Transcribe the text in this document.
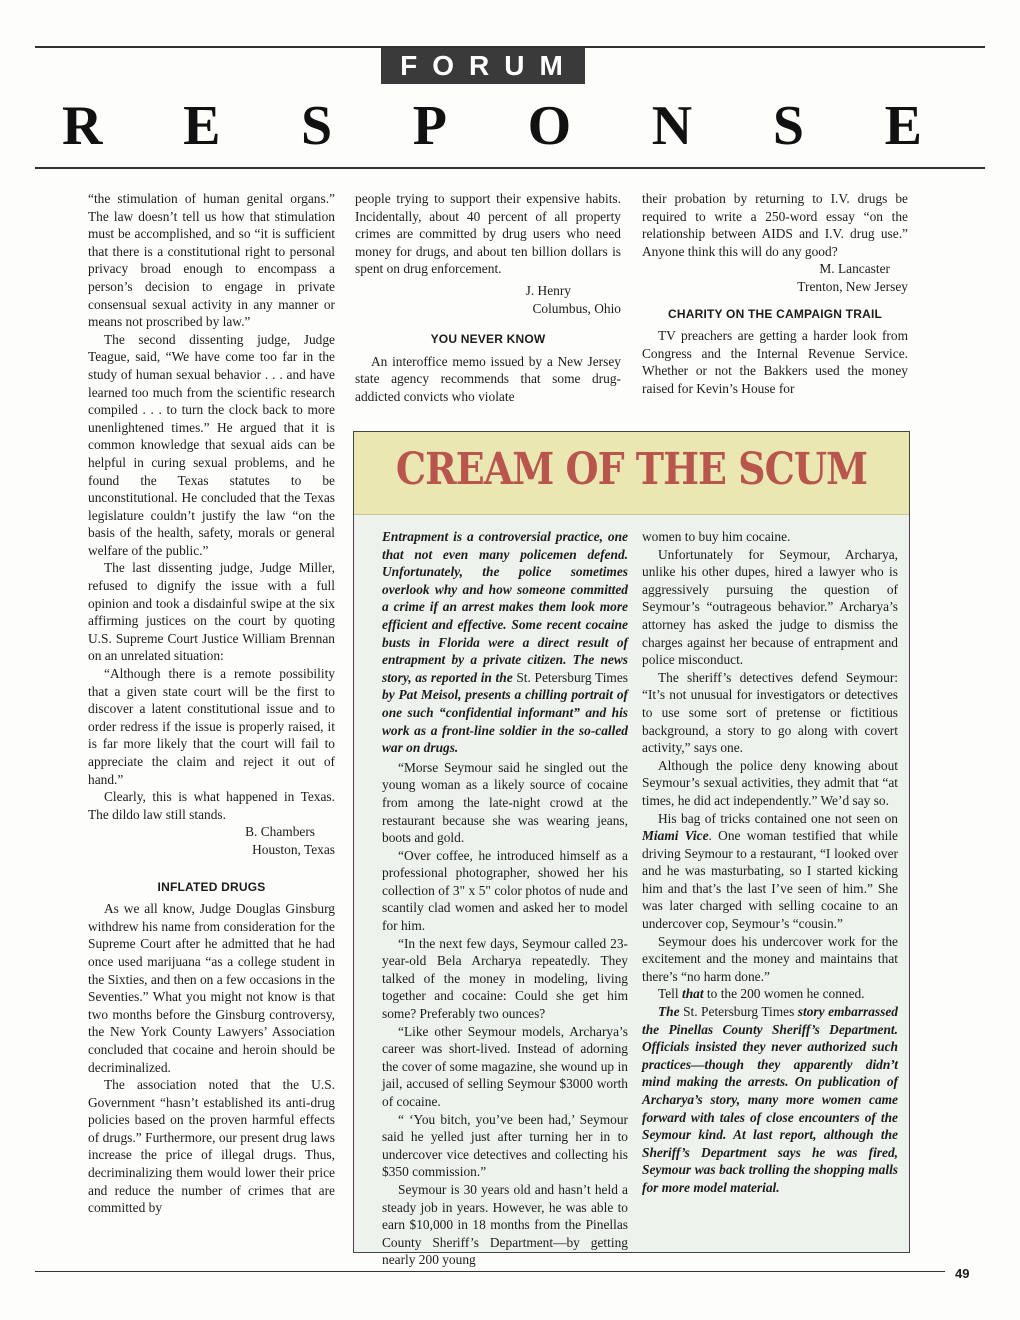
FORUM
R E S P O N S E

“the stimulation of human genital organs.” The law doesn’t tell us how that stimulation must be accomplished, and so “it is sufficient that there is a constitutional right to personal privacy broad enough to encompass a person’s decision to engage in private consensual sexual activity in any manner or means not proscribed by law.”

The second dissenting judge, Judge Teague, said, “We have come too far in the study of human sexual behavior . . . and have learned too much from the scientific research compiled . . . to turn the clock back to more unenlightened times.” He argued that it is common knowledge that sexual aids can be helpful in curing sexual problems, and he found the Texas statutes to be unconstitutional. He concluded that the Texas legislature couldn’t justify the law “on the basis of the health, safety, morals or general welfare of the public.”

The last dissenting judge, Judge Miller, refused to dignify the issue with a full opinion and took a disdainful swipe at the six affirming justices on the court by quoting U.S. Supreme Court Justice William Brennan on an unrelated situation:

“Although there is a remote possibility that a given state court will be the first to discover a latent constitutional issue and to order redress if the issue is properly raised, it is far more likely that the court will fail to appreciate the claim and reject it out of hand.”

Clearly, this is what happened in Texas. The dildo law still stands.

B. Chambers

Houston, Texas

INFLATED DRUGS

As we all know, Judge Douglas Ginsburg withdrew his name from consideration for the Supreme Court after he admitted that he had once used marijuana “as a college student in the Sixties, and then on a few occasions in the Seventies.” What you might not know is that two months before the Ginsburg controversy, the New York County Lawyers’ Association concluded that cocaine and heroin should be decriminalized.

The association noted that the U.S. Government “hasn’t established its anti-drug policies based on the proven harmful effects of drugs.” Furthermore, our present drug laws increase the price of illegal drugs. Thus, decriminalizing them would lower their price and reduce the number of crimes that are committed by

people trying to support their expensive habits. Incidentally, about 40 percent of all property crimes are committed by drug users who need money for drugs, and about ten billion dollars is spent on drug enforcement.

J. Henry

Columbus, Ohio

YOU NEVER KNOW

An interoffice memo issued by a New Jersey state agency recommends that some drug-addicted convicts who violate

their probation by returning to I.V. drugs be required to write a 250-word essay “on the relationship between AIDS and I.V. drug use.” Anyone think this will do any good?

M. Lancaster

Trenton, New Jersey

CHARITY ON THE CAMPAIGN TRAIL

TV preachers are getting a harder look from Congress and the Internal Revenue Service. Whether or not the Bakkers used the money raised for Kevin’s House for

CREAM OF THE SCUM

Entrapment is a controversial practice, one that not even many policemen defend. Unfortunately, the police sometimes overlook why and how someone committed a crime if an arrest makes them look more efficient and effective. Some recent cocaine busts in Florida were a direct result of entrapment by a private citizen. The news story, as reported in the St. Petersburg Times by Pat Meisol, presents a chilling portrait of one such “confidential informant” and his work as a front-line soldier in the so-called war on drugs.

“Morse Seymour said he singled out the young woman as a likely source of cocaine from among the late-night crowd at the restaurant because she was wearing jeans, boots and gold.

“Over coffee, he introduced himself as a professional photographer, showed her his collection of 3" x 5" color photos of nude and scantily clad women and asked her to model for him.

“In the next few days, Seymour called 23-year-old Bela Archarya repeatedly. They talked of the money in modeling, living together and cocaine: Could she get him some? Preferably two ounces?

“Like other Seymour models, Archarya’s career was short-lived. Instead of adorning the cover of some magazine, she wound up in jail, accused of selling Seymour $3000 worth of cocaine.

“ ‘You bitch, you’ve been had,’ Seymour said he yelled just after turning her in to undercover vice detectives and collecting his $350 commission.”

Seymour is 30 years old and hasn’t held a steady job in years. However, he was able to earn $10,000 in 18 months from the Pinellas County Sheriff’s Department—by getting nearly 200 young

women to buy him cocaine.

Unfortunately for Seymour, Archarya, unlike his other dupes, hired a lawyer who is aggressively pursuing the question of Seymour’s “outrageous behavior.” Archarya’s attorney has asked the judge to dismiss the charges against her because of entrapment and police misconduct.

The sheriff’s detectives defend Seymour: “It’s not unusual for investigators or detectives to use some sort of pretense or fictitious background, a story to go along with covert activity,” says one.

Although the police deny knowing about Seymour’s sexual activities, they admit that “at times, he did act independently.” We’d say so.

His bag of tricks contained one not seen on Miami Vice. One woman testified that while driving Seymour to a restaurant, “I looked over and he was masturbating, so I started kicking him and that’s the last I’ve seen of him.” She was later charged with selling cocaine to an undercover cop, Seymour’s “cousin.”

Seymour does his undercover work for the excitement and the money and maintains that there’s “no harm done.”

Tell that to the 200 women he conned.

The St. Petersburg Times story embarrassed the Pinellas County Sheriff’s Department. Officials insisted they never authorized such practices—though they apparently didn’t mind making the arrests. On publication of Archarya’s story, many more women came forward with tales of close encounters of the Seymour kind. At last report, although the Sheriff’s Department says he was fired, Seymour was back trolling the shopping malls for more model material.

49
